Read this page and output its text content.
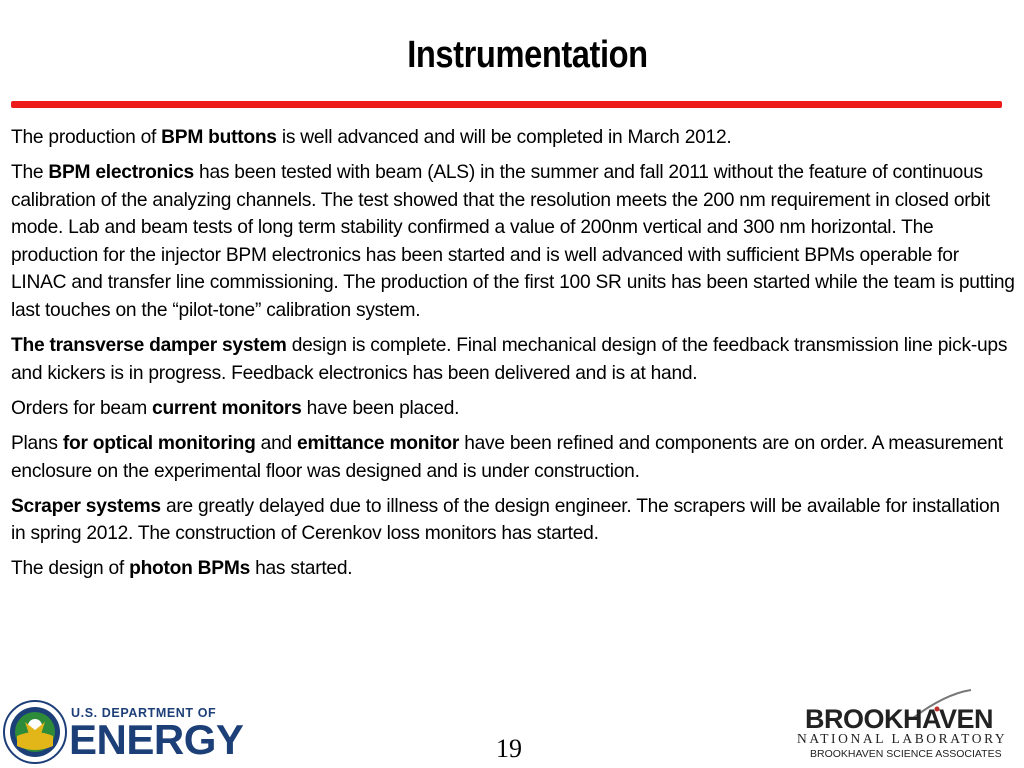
Instrumentation

The production of BPM buttons is well advanced and will be completed in March 2012.

The BPM electronics has been tested with beam (ALS) in the summer and fall 2011 without the feature of continuous calibration of the analyzing channels. The test showed that the resolution meets the 200 nm requirement in closed orbit mode. Lab and beam tests of long term stability confirmed a value of 200nm vertical and 300 nm horizontal. The production for the injector BPM electronics has been started and is well advanced with sufficient BPMs operable for LINAC and transfer line commissioning. The production of the first 100 SR units has been started while the team is putting last touches on the “pilot-tone” calibration system.

The transverse damper system design is complete. Final mechanical design of the feedback transmission line pick-ups and kickers is in progress. Feedback electronics has been delivered and is at hand.

Orders for beam current monitors have been placed.

Plans for optical monitoring and emittance monitor have been refined and components are on order. A measurement enclosure on the experimental floor was designed and is under construction.

Scraper systems are greatly delayed due to illness of the design engineer. The scrapers will be available for installation in spring 2012. The construction of Cerenkov loss monitors has started.

The design of photon BPMs has started.

U.S. DEPARTMENT OF
ENERGY	19
BROOKHAVEN
NATIONAL LABORATORY
BROOKHAVEN SCIENCE ASSOCIATES
